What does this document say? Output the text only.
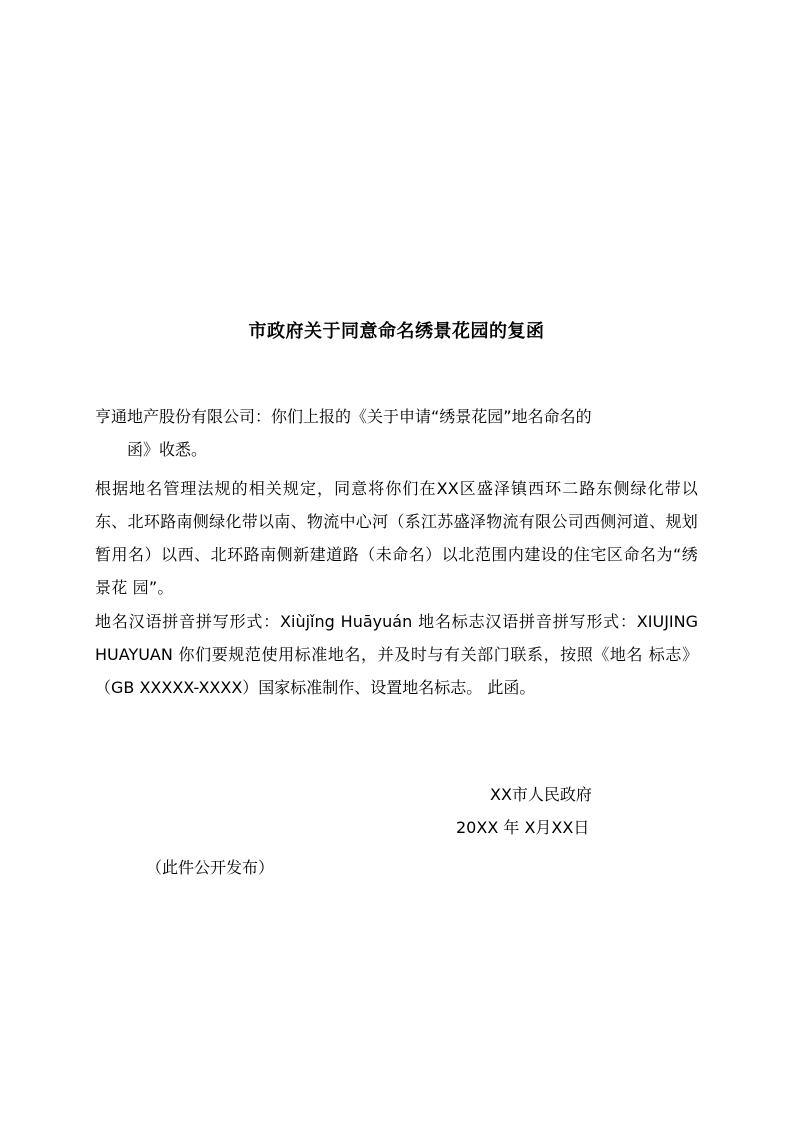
市政府关于同意命名绣景花园的复函
亨通地产股份有限公司：你们上报的《关于申请“绣景花园”地名命名的
函》收悉。
根据地名管理法规的相关规定，同意将你们在XX区盛泽镇西环二路东侧绿化带以东、北环路南侧绿化带以南、物流中心河（系江苏盛泽物流有限公司西侧河道、规划暂用名）以西、北环路南侧新建道路（未命名）以北范围内建设的住宅区命名为“绣景花 园”。
地名汉语拼音拼写形式：Xiùjǐng Huāyuán 地名标志汉语拼音拼写形式：XIUJING HUAYUAN 你们要规范使用标准地名，并及时与有关部门联系，按照《地名 标志》（GB XXXXX-XXXX）国家标准制作、设置地名标志。 此函。
XX市人民政府
20XX 年 X月XX日
（此件公开发布）
